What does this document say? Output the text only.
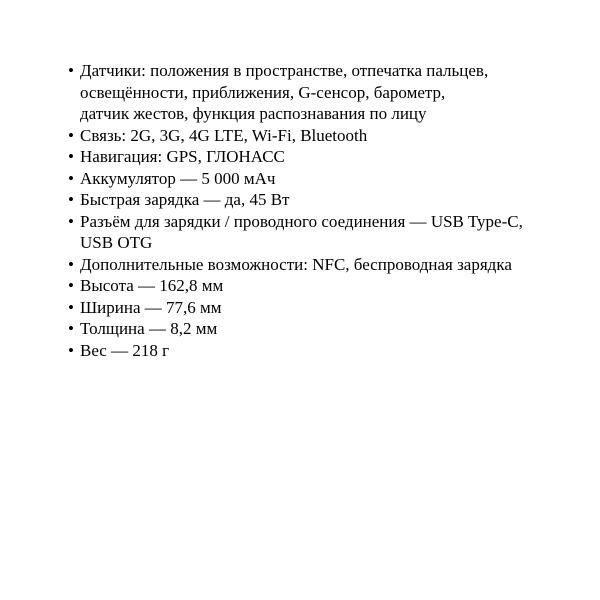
• Датчики: положения в пространстве, отпечатка пальцев,
освещённости, приближения, G-сенсор, барометр,
датчик жестов, функция распознавания по лицу
• Связь: 2G, 3G, 4G LTE, Wi-Fi, Bluetooth
• Навигация: GPS, ГЛОНАСС
• Аккумулятор — 5 000 мАч
• Быстрая зарядка — да, 45 Вт
• Разъём для зарядки / проводного соединения — USB Type-C,
USB OTG
• Дополнительные возможности: NFC, беспроводная зарядка
• Высота — 162,8 мм
• Ширина — 77,6 мм
• Толщина — 8,2 мм
• Вес — 218 г
